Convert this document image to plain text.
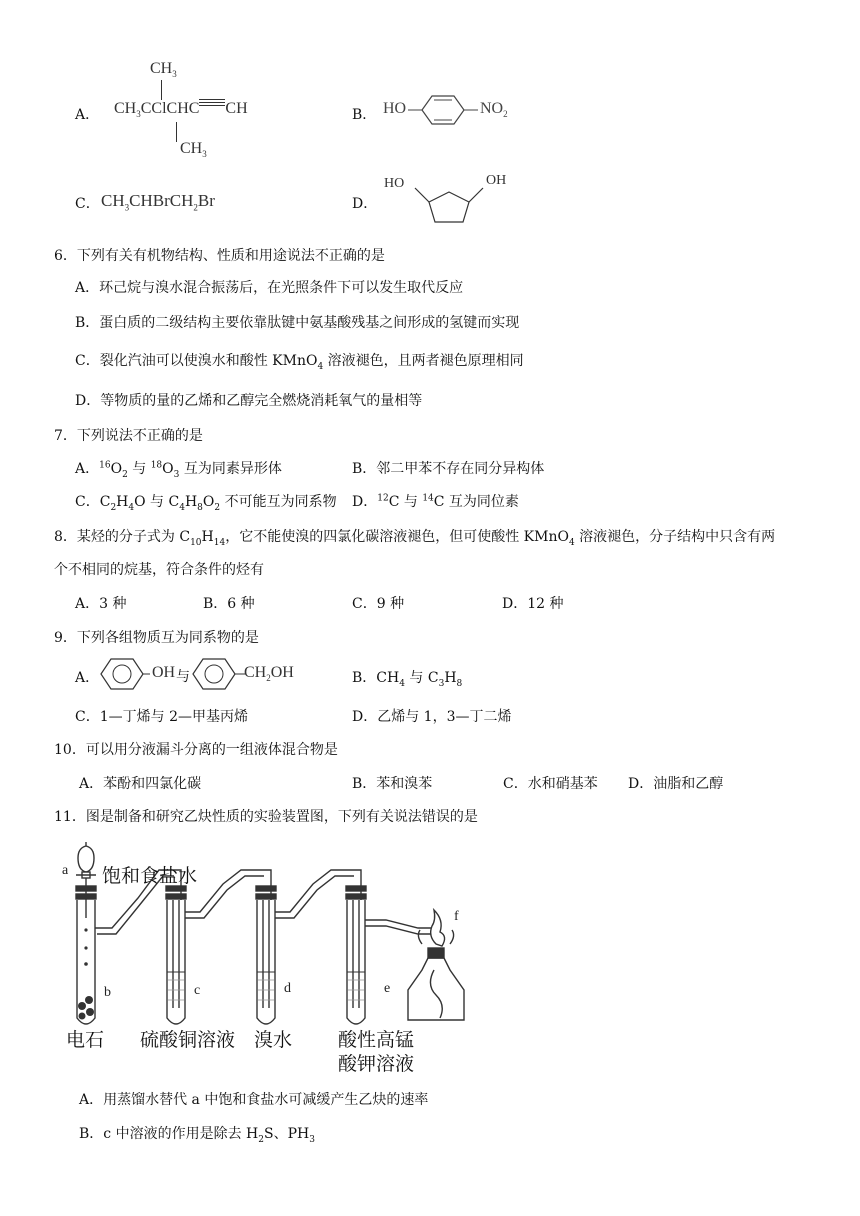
A．
$CH_3$
$CH_3CClCHC$ CH
$CH_3$
B． HO	$NO_2$
C． $CH_3CHBrCH_2Br$	D．
HO	OH
6．下列有关有机物结构、性质和用途说法不正确的是
A．环己烷与溴水混合振荡后，在光照条件下可以发生取代反应
B．蛋白质的二级结构主要依靠肽键中氨基酸残基之间形成的氢键而实现
C．裂化汽油可以使溴水和酸性 KMnO$_4$ 溶液褪色，且两者褪色原理相同
D．等物质的量的乙烯和乙醇完全燃烧消耗氧气的量相等
7．下列说法不正确的是
A．$^{16}O_2$ 与 $^{18}O_3$ 互为同素异形体	B．邻二甲苯不存在同分异构体
C．$C_2H_4O$ 与 $C_4H_8O_2$ 不可能互为同系物 D．$^{12}$C 与 $^{14}$C 互为同位素
8．某烃的分子式为 $C_{10}H_{14}$，它不能使溴的四氯化碳溶液褪色，但可使酸性 KMnO$_4$ 溶液褪色，分子结构中只含有两
个不相同的烷基，符合条件的烃有
A．3 种	B．6 种	C．9 种	D．12 种
9．下列各组物质互为同系物的是
A．	OH 与	$CH_2OH$	B．$CH_4$ 与 $C_3H_8$
C．1—丁烯与 2—甲基丙烯	D．乙烯与 1，3—丁二烯
10．可以用分液漏斗分离的一组液体混合物是
A．苯酚和四氯化碳	B．苯和溴苯	C．水和硝基苯 D．油脂和乙醇
11．图是制备和研究乙炔性质的实验装置图，下列有关说法错误的是
a
b	c	d	e
f
饱和食盐水
电石 硫酸铜溶液 溴水 酸性高锰
酸钾溶液
A．用蒸馏水替代 a 中饱和食盐水可减缓产生乙炔的速率
B．c 中溶液的作用是除去 $H_2S$、$PH_3$
